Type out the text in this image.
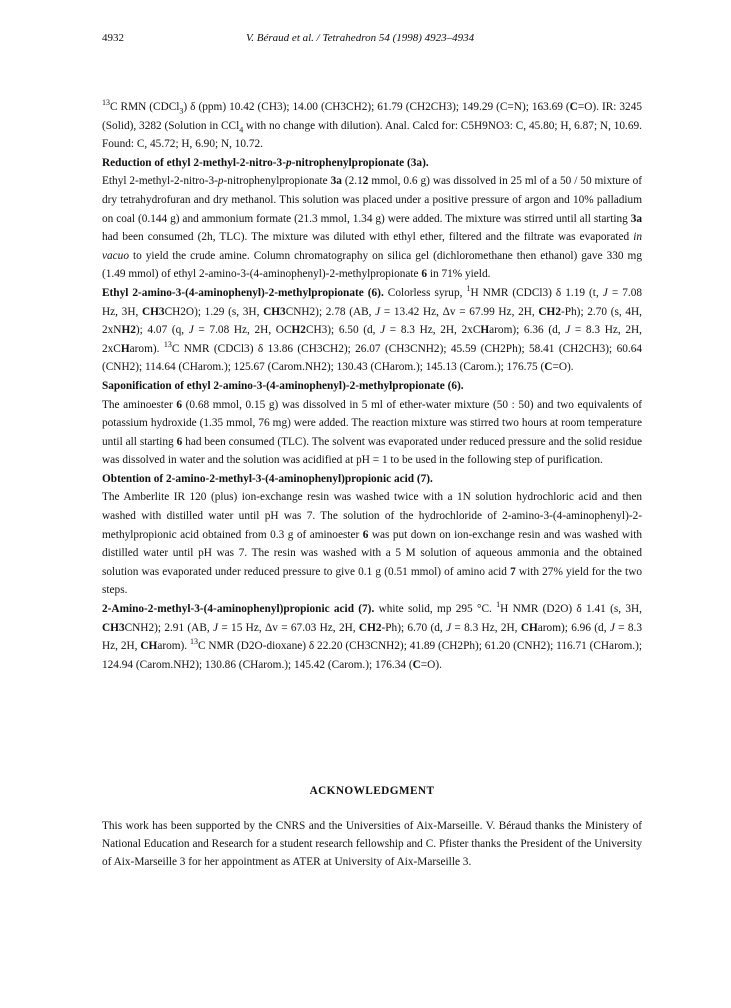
4932	V. Béraud et al. / Tetrahedron 54 (1998) 4923–4934

$^{13}$C RMN (CDCl$_3$) δ (ppm) 10.42 (CH3); 14.00 (CH3CH2); 61.79 (CH2CH3); 149.29 (C=N); 163.69 (C=O). IR: 3245 (Solid), 3282 (Solution in CCl$_4$ with no change with dilution). Anal. Calcd for: C5H9NO3: C, 45.80; H, 6.87; N, 10.69. Found: C, 45.72; H, 6.90; N, 10.72.

Reduction of ethyl 2-methyl-2-nitro-3-p-nitrophenylpropionate (3a).

Ethyl 2-methyl-2-nitro-3-p-nitrophenylpropionate 3a (2.12 mmol, 0.6 g) was dissolved in 25 ml of a 50 / 50 mixture of dry tetrahydrofuran and dry methanol. This solution was placed under a positive pressure of argon and 10% palladium on coal (0.144 g) and ammonium formate (21.3 mmol, 1.34 g) were added. The mixture was stirred until all starting 3a had been consumed (2h, TLC). The mixture was diluted with ethyl ether, filtered and the filtrate was evaporated in vacuo to yield the crude amine. Column chromatography on silica gel (dichloromethane then ethanol) gave 330 mg (1.49 mmol) of ethyl 2-amino-3-(4-aminophenyl)-2-methylpropionate 6 in 71% yield.

Ethyl 2-amino-3-(4-aminophenyl)-2-methylpropionate (6). Colorless syrup, $^1$H NMR (CDCl3) δ 1.19 (t, J = 7.08 Hz, 3H, CH3CH2O); 1.29 (s, 3H, CH3CNH2); 2.78 (AB, J = 13.42 Hz, Δv = 67.99 Hz, 2H, CH2-Ph); 2.70 (s, 4H, 2xNH2); 4.07 (q, J = 7.08 Hz, 2H, OCH2CH3); 6.50 (d, J = 8.3 Hz, 2H, 2xCHarom); 6.36 (d, J = 8.3 Hz, 2H, 2xCHarom). $^{13}$C NMR (CDCl3) δ 13.86 (CH3CH2); 26.07 (CH3CNH2); 45.59 (CH2Ph); 58.41 (CH2CH3); 60.64 (CNH2); 114.64 (CHarom.); 125.67 (Carom.NH2); 130.43 (CHarom.); 145.13 (Carom.); 176.75 (C=O).

Saponification of ethyl 2-amino-3-(4-aminophenyl)-2-methylpropionate (6).

The aminoester 6 (0.68 mmol, 0.15 g) was dissolved in 5 ml of ether-water mixture (50 : 50) and two equivalents of potassium hydroxide (1.35 mmol, 76 mg) were added. The reaction mixture was stirred two hours at room temperature until all starting 6 had been consumed (TLC). The solvent was evaporated under reduced pressure and the solid residue was dissolved in water and the solution was acidified at pH = 1 to be used in the following step of purification.

Obtention of 2-amino-2-methyl-3-(4-aminophenyl)propionic acid (7).

The Amberlite IR 120 (plus) ion-exchange resin was washed twice with a 1N solution hydrochloric acid and then washed with distilled water until pH was 7. The solution of the hydrochloride of 2-amino-3-(4-aminophenyl)-2-methylpropionic acid obtained from 0.3 g of aminoester 6 was put down on ion-exchange resin and was washed with distilled water until pH was 7. The resin was washed with a 5 M solution of aqueous ammonia and the obtained solution was evaporated under reduced pressure to give 0.1 g (0.51 mmol) of amino acid 7 with 27% yield for the two steps.

2-Amino-2-methyl-3-(4-aminophenyl)propionic acid (7). white solid, mp 295 °C. $^1$H NMR (D2O) δ 1.41 (s, 3H, CH3CNH2); 2.91 (AB, J = 15 Hz, Δv = 67.03 Hz, 2H, CH2-Ph); 6.70 (d, J = 8.3 Hz, 2H, CHarom); 6.96 (d, J = 8.3 Hz, 2H, CHarom). $^{13}$C NMR (D2O-dioxane) δ 22.20 (CH3CNH2); 41.89 (CH2Ph); 61.20 (CNH2); 116.71 (CHarom.); 124.94 (Carom.NH2); 130.86 (CHarom.); 145.42 (Carom.); 176.34 (C=O).

ACKNOWLEDGMENT
This work has been supported by the CNRS and the Universities of Aix-Marseille. V. Béraud thanks the Ministery of National Education and Research for a student research fellowship and C. Pfister thanks the President of the University of Aix-Marseille 3 for her appointment as ATER at University of Aix-Marseille 3.
